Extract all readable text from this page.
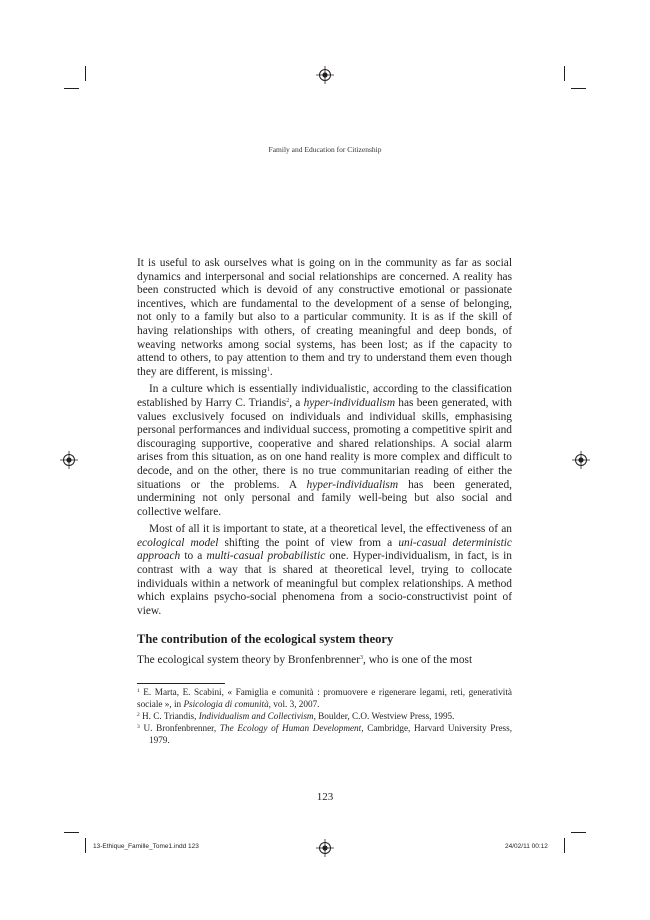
Family and Education for Citizenship

It is useful to ask ourselves what is going on in the community as far as social dynamics and interpersonal and social relationships are concerned. A reality has been constructed which is devoid of any constructive emotional or passionate incentives, which are fundamental to the development of a sense of belonging, not only to a family but also to a particular community. It is as if the skill of having relationships with others, of creating meaningful and deep bonds, of weaving networks among social systems, has been lost; as if the capacity to attend to others, to pay attention to them and try to understand them even though they are different, is missing$^1$.

In a culture which is essentially individualistic, according to the classification established by Harry C. Triandis$^2$, a hyper-individualism has been generated, with values exclusively focused on individuals and individual skills, emphasising personal performances and individual success, promoting a competitive spirit and discouraging supportive, cooperative and shared relationships. A social alarm arises from this situation, as on one hand reality is more complex and difficult to decode, and on the other, there is no true communitarian reading of either the situations or the problems. A hyper-individualism has been generated, undermining not only personal and family well-being but also social and collective welfare.

Most of all it is important to state, at a theoretical level, the effectiveness of an ecological model shifting the point of view from a uni-casual deterministic approach to a multi-casual probabilistic one. Hyper-individualism, in fact, is in contrast with a way that is shared at theoretical level, trying to collocate individuals within a network of meaningful but complex relationships. A method which explains psycho-social phenomena from a socio-constructivist point of view.

The contribution of the ecological system theory

The ecological system theory by Bronfenbrenner$^3$, who is one of the most

$^1$ E. Marta, E. Scabini, « Famiglia e comunità : promuovere e rigenerare legami, reti, generatività sociale », in Psicologia di comunità, vol. 3, 2007.

$^2$ H. C. Triandis, Individualism and Collectivism, Boulder, C.O. Westview Press, 1995.

$^3$ U. Bronfenbrenner, The Ecology of Human Development, Cambridge, Harvard University Press, 1979.

123
13-Ethique_Famille_Tome1.indd 123	24/02/11 00:12
